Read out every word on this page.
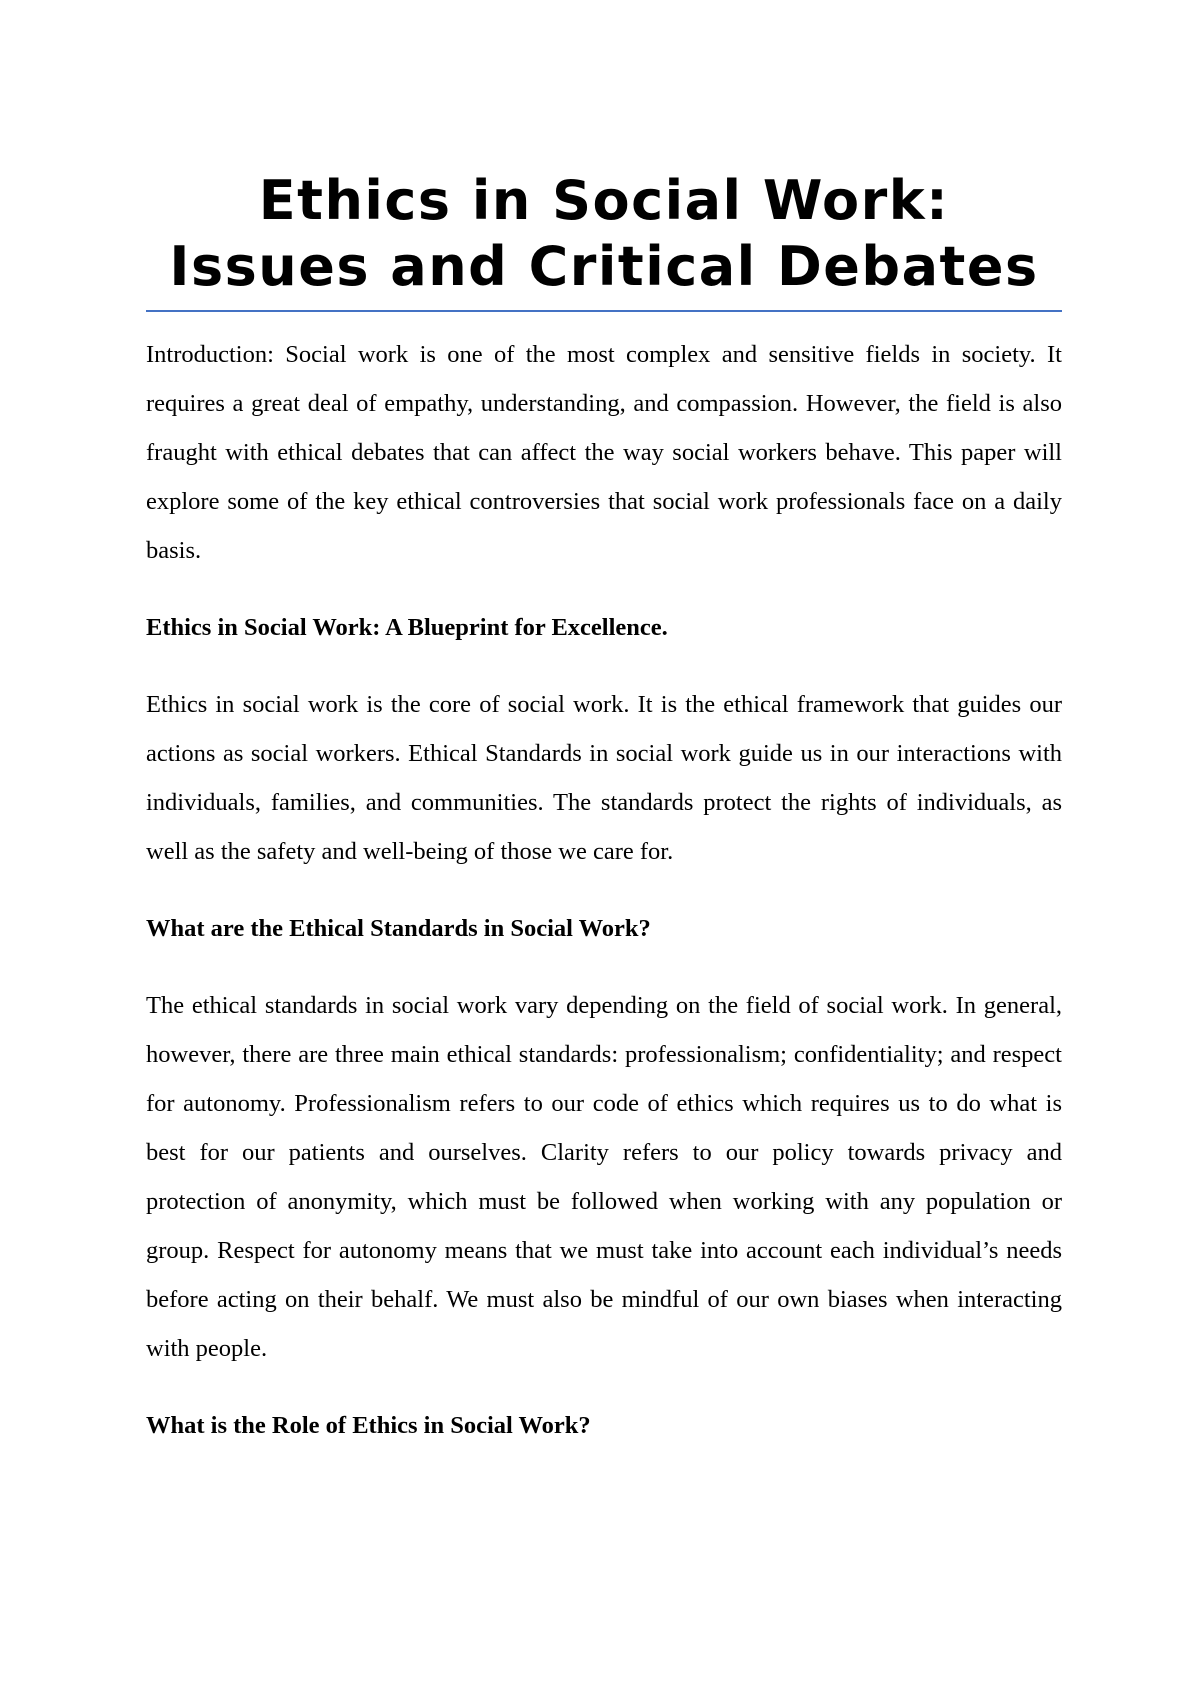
Ethics in Social Work:
Issues and Critical Debates

Introduction: Social work is one of the most complex and sensitive fields in society. It requires a great deal of empathy, understanding, and compassion. However, the field is also fraught with ethical debates that can affect the way social workers behave. This paper will explore some of the key ethical controversies that social work professionals face on a daily basis.

Ethics in Social Work: A Blueprint for Excellence.

Ethics in social work is the core of social work. It is the ethical framework that guides our actions as social workers. Ethical Standards in social work guide us in our interactions with individuals, families, and communities. The standards protect the rights of individuals, as well as the safety and well-being of those we care for.

What are the Ethical Standards in Social Work?

The ethical standards in social work vary depending on the field of social work. In general, however, there are three main ethical standards: professionalism; confidentiality; and respect for autonomy. Professionalism refers to our code of ethics which requires us to do what is best for our patients and ourselves. Clarity refers to our policy towards privacy and protection of anonymity, which must be followed when working with any population or group. Respect for autonomy means that we must take into account each individual’s needs before acting on their behalf. We must also be mindful of our own biases when interacting with people.

What is the Role of Ethics in Social Work?
